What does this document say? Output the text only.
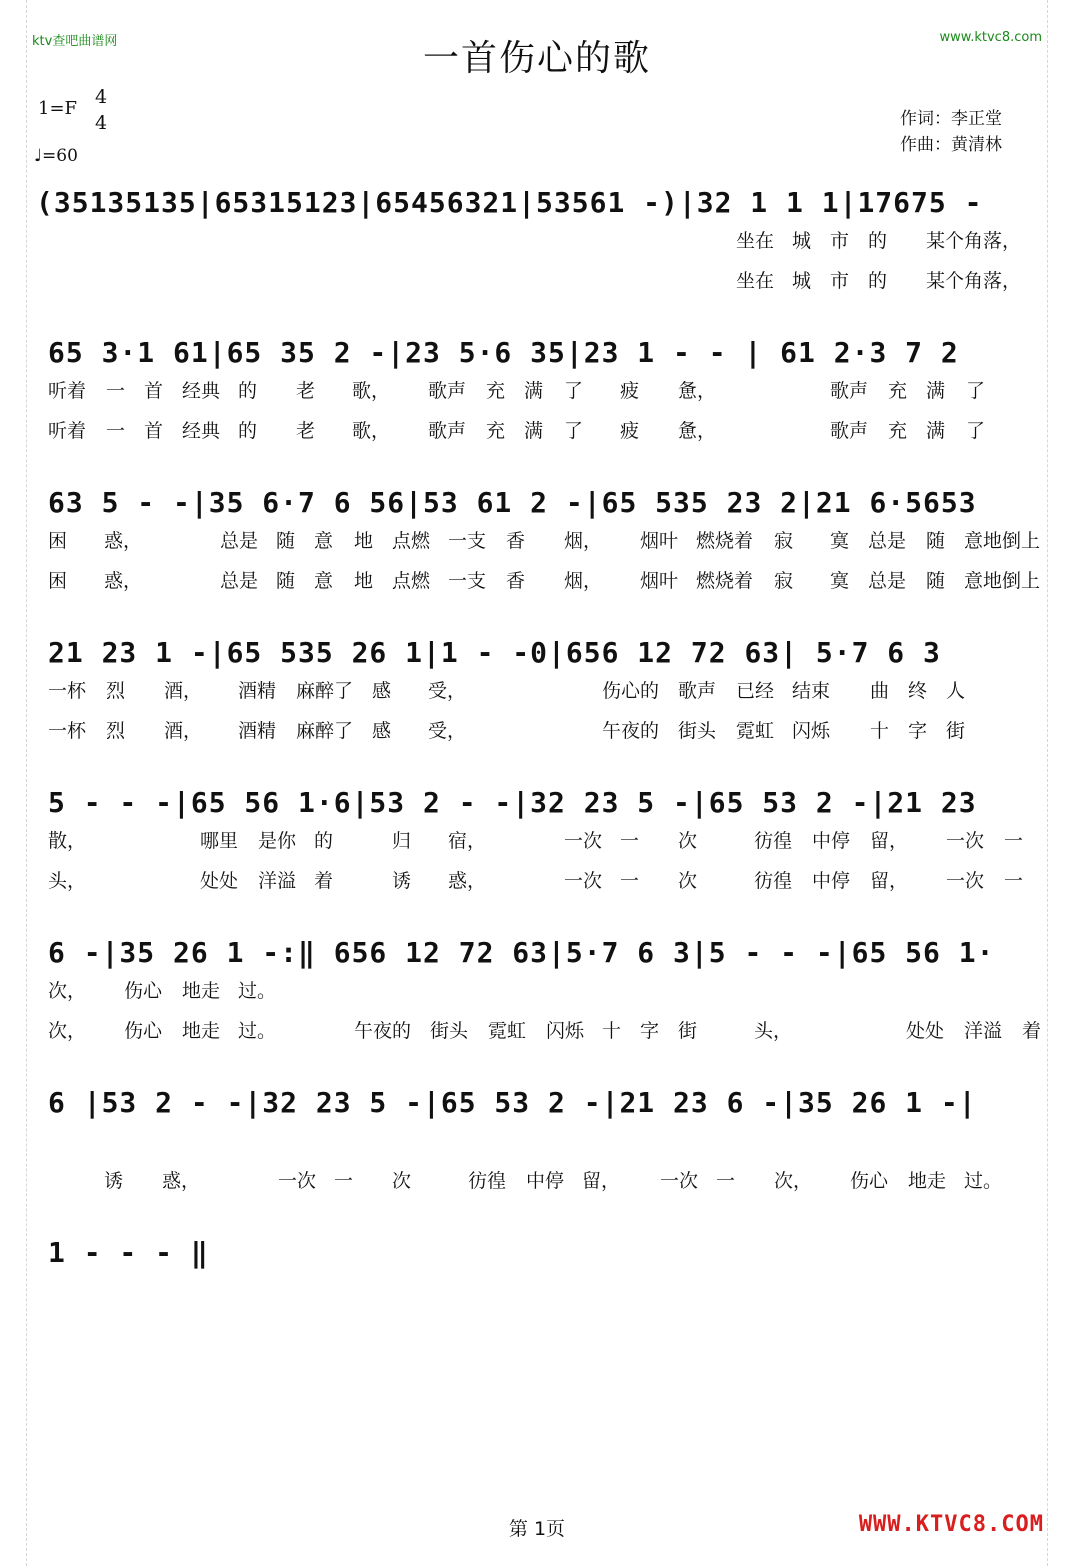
ktv查吧曲谱网	www.ktvc8.com
一首伤心的歌
1=F
4
4
♩=60
作词：李正堂
作曲：黄清林
(35135135|65315123|65456321|53561 -)|32 1 1 1|17675 -
坐在 城 市 的 某个角落，
坐在 城 市 的 某个角落，
65 3·1 61|65 35 2 -|23 5·6 35|23 1 - - | 61 2·3 7 2
听着 一 首 经典 的 老 歌， 歌声 充 满 了 疲 惫，	歌声 充 满 了
听着 一 首 经典 的 老 歌， 歌声 充 满 了 疲 惫，	歌声 充 满 了
63 5 - -|35 6·7 6 56|53 61 2 -|65 535 23 2|21 6·5653
困 惑，	总是 随 意 地 点燃 一支 香 烟， 烟叶 燃烧着 寂 寞 总是 随 意地倒上
困 惑，	总是 随 意 地 点燃 一支 香 烟， 烟叶 燃烧着 寂 寞 总是 随 意地倒上
21 23 1 -|65 535 26 1|1 - -0|656 12 72 63| 5·7 6 3
一杯 烈 酒， 酒精 麻醉了 感 受，	伤心的 歌声 已经 结束 曲 终 人
一杯 烈 酒， 酒精 麻醉了 感 受，	午夜的 街头 霓虹 闪烁 十 字 街
5 - - -|65 56 1·6|53 2 - -|32 23 5 -|65 53 2 -|21 23
散，	哪里 是你 的	归 宿，	一次 一 次	彷徨 中停 留， 一次 一
头，	处处 洋溢 着	诱 惑，	一次 一 次	彷徨 中停 留， 一次 一
6 -|35 26 1 -:‖ 656 12 72 63|5·7 6 3|5 - - -|65 56 1·
次， 伤心 地走 过。
次， 伤心 地走 过。	午夜的 街头 霓虹 闪烁 十 字 街	头，	处处 洋溢 着
6 |53 2 - -|32 23 5 -|65 53 2 -|21 23 6 -|35 26 1 -|
诱 惑，	一次 一 次	彷徨 中停 留， 一次 一 次， 伤心 地走 过。
1 - - - ‖
第 1页	WWW.KTVC8.COM
